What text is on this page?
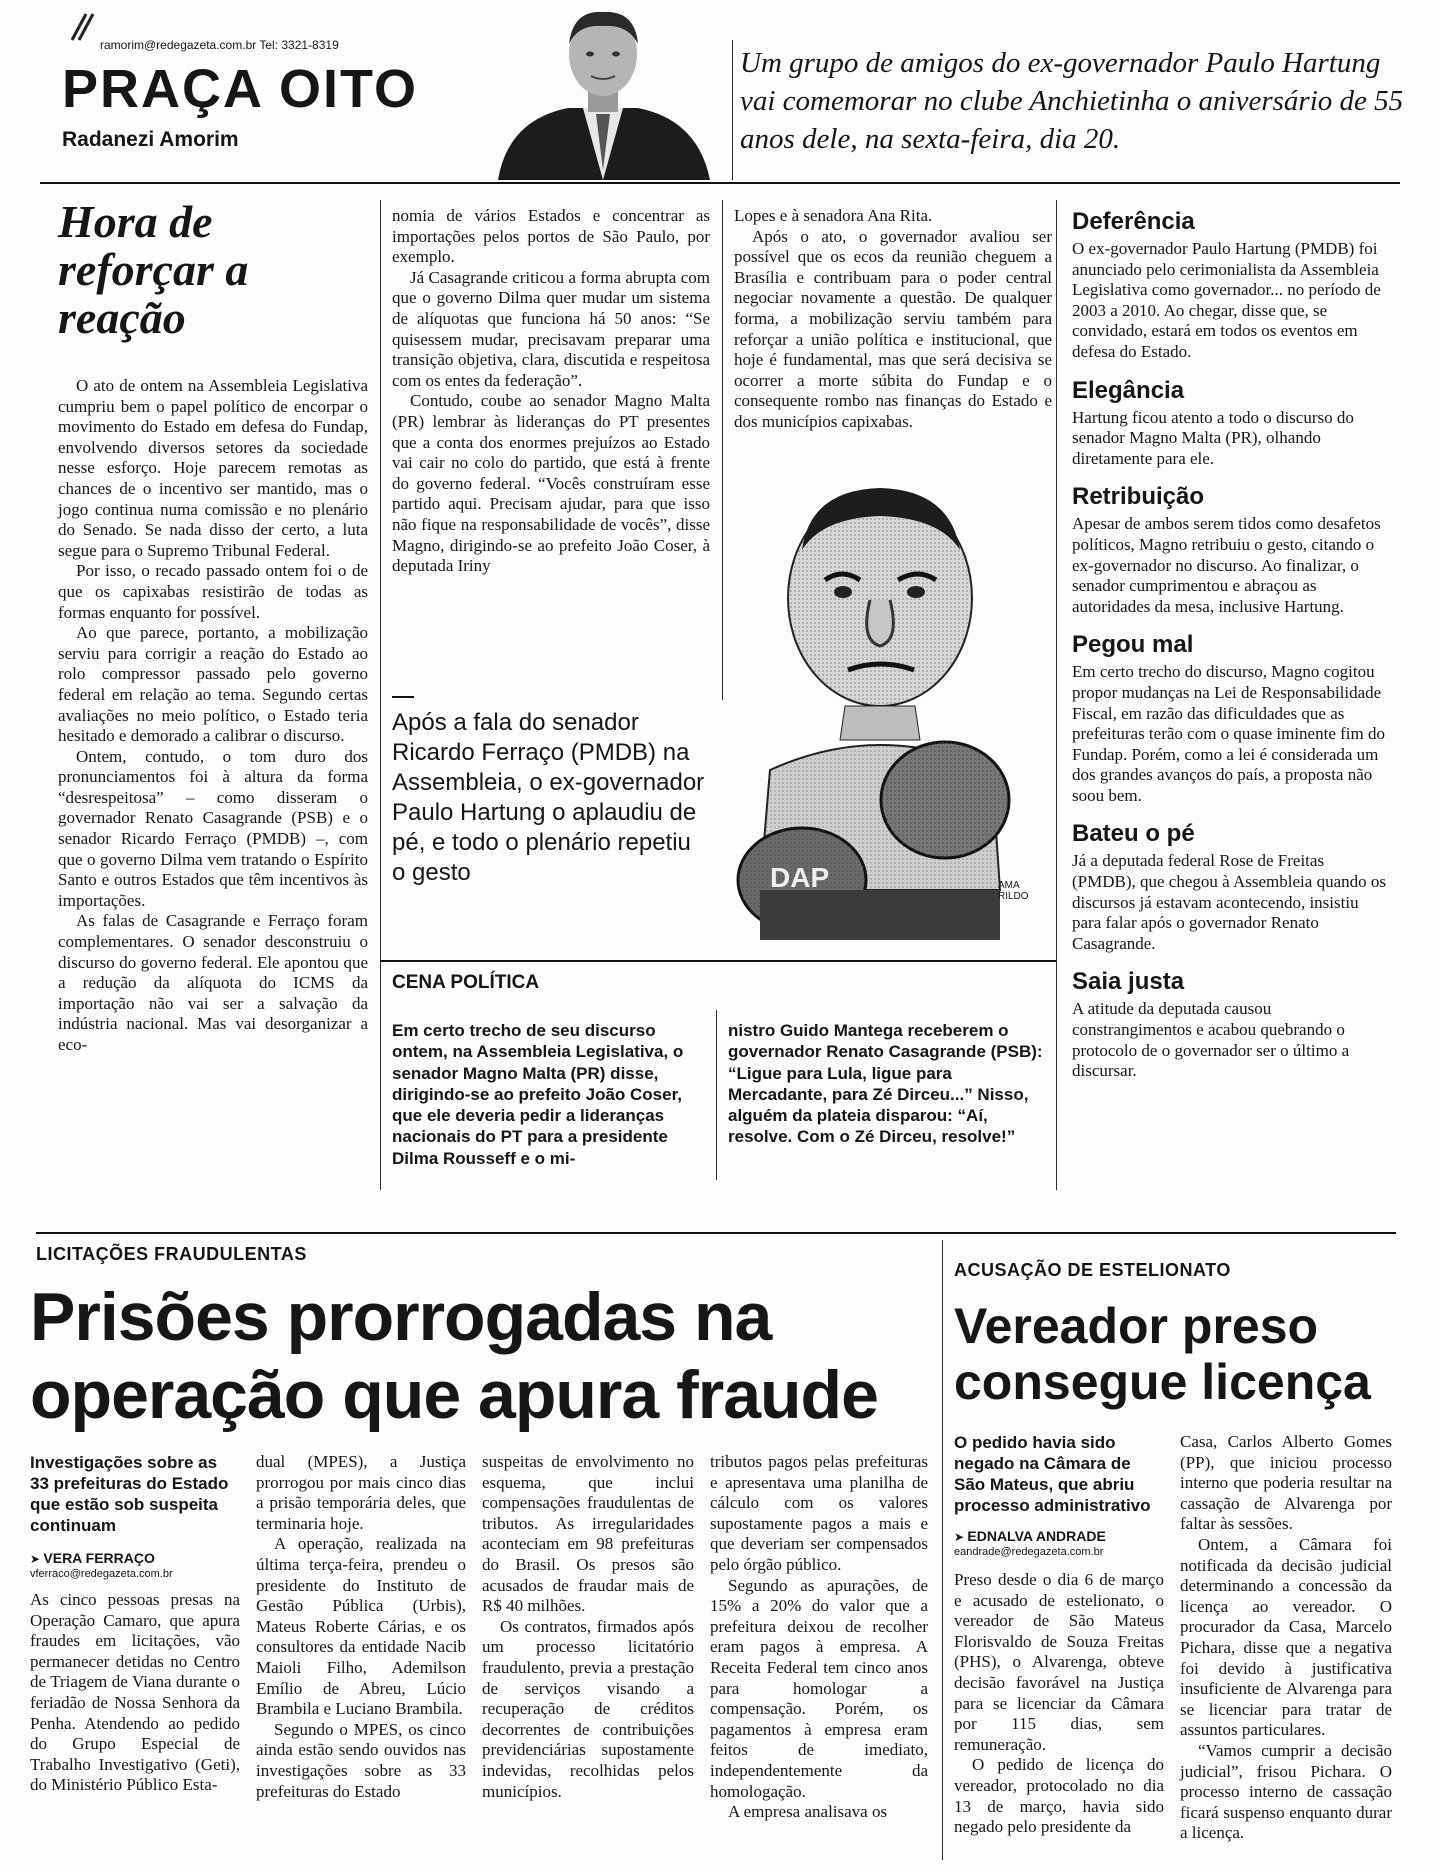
ramorim@redegazeta.com.br Tel: 3321-8319
PRAÇA OITO
Radanezi Amorim
Um grupo de amigos do ex-governador Paulo Hartung vai comemorar no clube Anchietinha o aniversário de 55 anos dele, na sexta-feira, dia 20.
Hora de reforçar a reação

O ato de ontem na Assembleia Legislativa cumpriu bem o papel político de encorpar o movimento do Estado em defesa do Fundap, envolvendo diversos setores da sociedade nesse esforço. Hoje parecem remotas as chances de o incentivo ser mantido, mas o jogo continua numa comissão e no plenário do Senado. Se nada disso der certo, a luta segue para o Supremo Tribunal Federal.

Por isso, o recado passado ontem foi o de que os capixabas resistirão de todas as formas enquanto for possível.

Ao que parece, portanto, a mobilização serviu para corrigir a reação do Estado ao rolo compressor passado pelo governo federal em relação ao tema. Segundo certas avaliações no meio político, o Estado teria hesitado e demorado a calibrar o discurso.

Ontem, contudo, o tom duro dos pronunciamentos foi à altura da forma “desrespeitosa” – como disseram o governador Renato Casagrande (PSB) e o senador Ricardo Ferraço (PMDB) –, com que o governo Dilma vem tratando o Espírito Santo e outros Estados que têm incentivos às importações.

As falas de Casagrande e Ferraço foram complementares. O senador desconstruiu o discurso do governo federal. Ele apontou que a redução da alíquota do ICMS da importação não vai ser a salvação da indústria nacional. Mas vai desorganizar a eco-

nomia de vários Estados e concentrar as importações pelos portos de São Paulo, por exemplo.

Já Casagrande criticou a forma abrupta com que o governo Dilma quer mudar um sistema de alíquotas que funciona há 50 anos: “Se quisessem mudar, precisavam preparar uma transição objetiva, clara, discutida e respeitosa com os entes da federação”.

Contudo, coube ao senador Magno Malta (PR) lembrar às lideranças do PT presentes que a conta dos enormes prejuízos ao Estado vai cair no colo do partido, que está à frente do governo federal. “Vocês construíram esse partido aqui. Precisam ajudar, para que isso não fique na responsabilidade de vocês”, disse Magno, dirigindo-se ao prefeito João Coser, à deputada Iriny

Lopes e à senadora Ana Rita.

Após o ato, o governador avaliou ser possível que os ecos da reunião cheguem a Brasília e contribuam para o poder central negociar novamente a questão. De qualquer forma, a mobilização serviu também para reforçar a união política e institucional, que hoje é fundamental, mas que será decisiva se ocorrer a morte súbita do Fundap e o consequente rombo nas finanças do Estado e dos municípios capixabas.

Após a fala do senador Ricardo Ferraço (PMDB) na Assembleia, o ex-governador Paulo Hartung o aplaudiu de pé, e todo o plenário repetiu o gesto	DAP	AMA RILDO
CENA POLÍTICA
Em certo trecho de seu discurso ontem, na Assembleia Legislativa, o senador Magno Malta (PR) disse, dirigindo-se ao prefeito João Coser, que ele deveria pedir a lideranças nacionais do PT para a presidente Dilma Rousseff e o mi-
nistro Guido Mantega receberem o governador Renato Casagrande (PSB): “Ligue para Lula, ligue para Mercadante, para Zé Dirceu...” Nisso, alguém da plateia disparou: “Aí, resolve. Com o Zé Dirceu, resolve!”
Deferência
O ex-governador Paulo Hartung (PMDB) foi anunciado pelo cerimonialista da Assembleia Legislativa como governador... no período de 2003 a 2010. Ao chegar, disse que, se convidado, estará em todos os eventos em defesa do Estado.
Elegância
Hartung ficou atento a todo o discurso do senador Magno Malta (PR), olhando diretamente para ele.
Retribuição
Apesar de ambos serem tidos como desafetos políticos, Magno retribuiu o gesto, citando o ex-governador no discurso. Ao finalizar, o senador cumprimentou e abraçou as autoridades da mesa, inclusive Hartung.
Pegou mal
Em certo trecho do discurso, Magno cogitou propor mudanças na Lei de Responsabilidade Fiscal, em razão das dificuldades que as prefeituras terão com o quase iminente fim do Fundap. Porém, como a lei é considerada um dos grandes avanços do país, a proposta não soou bem.
Bateu o pé
Já a deputada federal Rose de Freitas (PMDB), que chegou à Assembleia quando os discursos já estavam acontecendo, insistiu para falar após o governador Renato Casagrande.
Saia justa
A atitude da deputada causou constrangimentos e acabou quebrando o protocolo de o governador ser o último a discursar.
LICITAÇÕES FRAUDULENTAS
Prisões prorrogadas na operação que apura fraude
Investigações sobre as 33 prefeituras do Estado que estão sob suspeita continuam
➤ VERA FERRAÇO
vferraco@redegazeta.com.br

As cinco pessoas presas na Operação Camaro, que apura fraudes em licitações, vão permanecer detidas no Centro de Triagem de Viana durante o feriadão de Nossa Senhora da Penha. Atendendo ao pedido do Grupo Especial de Trabalho Investigativo (Geti), do Ministério Público Esta-

dual (MPES), a Justiça prorrogou por mais cinco dias a prisão temporária deles, que terminaria hoje.

A operação, realizada na última terça-feira, prendeu o presidente do Instituto de Gestão Pública (Urbis), Mateus Roberte Cárias, e os consultores da entidade Nacib Maioli Filho, Ademilson Emílio de Abreu, Lúcio Brambila e Luciano Brambila.

Segundo o MPES, os cinco ainda estão sendo ouvidos nas investigações sobre as 33 prefeituras do Estado

suspeitas de envolvimento no esquema, que inclui compensações fraudulentas de tributos. As irregularidades aconteciam em 98 prefeituras do Brasil. Os presos são acusados de fraudar mais de R$ 40 milhões.

Os contratos, firmados após um processo licitatório fraudulento, previa a prestação de serviços visando a recuperação de créditos decorrentes de contribuições previdenciárias supostamente indevidas, recolhidas pelos municípios.

tributos pagos pelas prefeituras e apresentava uma planilha de cálculo com os valores supostamente pagos a mais e que deveriam ser compensados pelo órgão público.

Segundo as apurações, de 15% a 20% do valor que a prefeitura deixou de recolher eram pagos à empresa. A Receita Federal tem cinco anos para homologar a compensação. Porém, os pagamentos à empresa eram feitos de imediato, independentemente da homologação.

A empresa analisava os

ACUSAÇÃO DE ESTELIONATO
Vereador preso consegue licença
O pedido havia sido negado na Câmara de São Mateus, que abriu processo administrativo
➤ EDNALVA ANDRADE
eandrade@redegazeta.com.br

Preso desde o dia 6 de março e acusado de estelionato, o vereador de São Mateus Florisvaldo de Souza Freitas (PHS), o Alvarenga, obteve decisão favorável na Justiça para se licenciar da Câmara por 115 dias, sem remuneração.

O pedido de licença do vereador, protocolado no dia 13 de março, havia sido negado pelo presidente da

Casa, Carlos Alberto Gomes (PP), que iniciou processo interno que poderia resultar na cassação de Alvarenga por faltar às sessões.

Ontem, a Câmara foi notificada da decisão judicial determinando a concessão da licença ao vereador. O procurador da Casa, Marcelo Pichara, disse que a negativa foi devido à justificativa insuficiente de Alvarenga para se licenciar para tratar de assuntos particulares.

“Vamos cumprir a decisão judicial”, frisou Pichara. O processo interno de cassação ficará suspenso enquanto durar a licença.
